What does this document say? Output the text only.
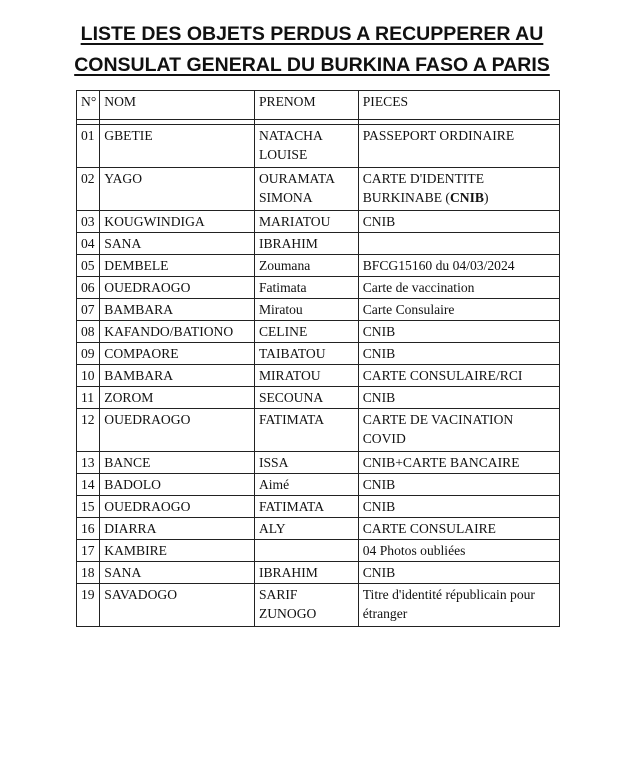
LISTE DES OBJETS PERDUS A RECUPPERER AU
CONSULAT GENERAL DU BURKINA FASO A PARIS
N°	NOM	PRENOM	PIECES

01	GBETIE	NATACHA LOUISE	PASSEPORT ORDINAIRE
02	YAGO	OURAMATA SIMONA	CARTE D'IDENTITE BURKINABE (CNIB)
03	KOUGWINDIGA	MARIATOU	CNIB
04	SANA	IBRAHIM	
05	DEMBELE	Zoumana	BFCG15160 du 04/03/2024
06	OUEDRAOGO	Fatimata	Carte de vaccination
07	BAMBARA	Miratou	Carte Consulaire
08	KAFANDO/BATIONO	CELINE	CNIB
09	COMPAORE	TAIBATOU	CNIB
10	BAMBARA	MIRATOU	CARTE CONSULAIRE/RCI
11	ZOROM	SECOUNA	CNIB
12	OUEDRAOGO	FATIMATA	CARTE DE VACINATION COVID
13	BANCE	ISSA	CNIB+CARTE BANCAIRE
14	BADOLO	Aimé	CNIB
15	OUEDRAOGO	FATIMATA	CNIB
16	DIARRA	ALY	CARTE CONSULAIRE
17	KAMBIRE		04 Photos oubliées
18	SANA	IBRAHIM	CNIB
19	SAVADOGO	SARIF ZUNOGO	Titre d'identité républicain pour étranger
